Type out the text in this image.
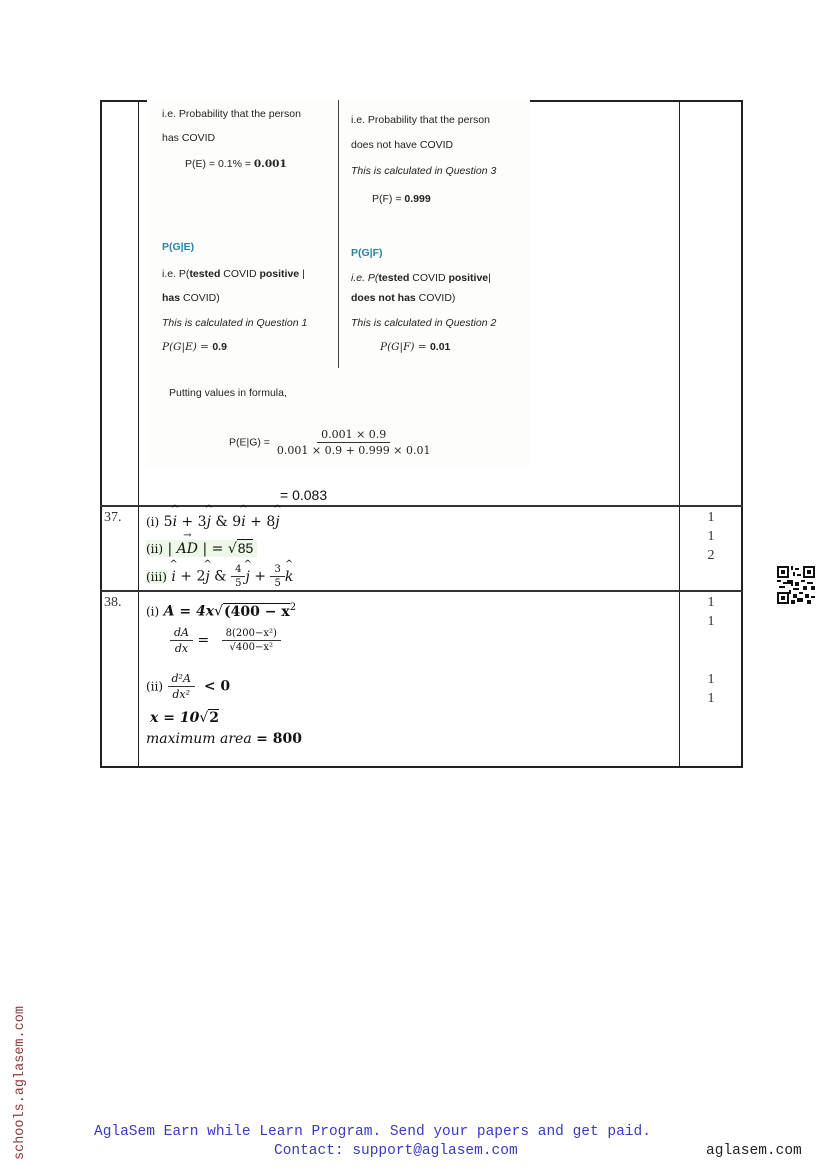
i.e. Probability that the person
has COVID
P(E) = 0.1% = 0.001
i.e. Probability that the person
does not have COVID
This is calculated in Question 3
P(F) = 0.999
P(G|E)
i.e. P(tested COVID positive |
has COVID)
This is calculated in Question 1
P(G|E) = 0.9
P(G|F)
i.e. P(tested COVID positive|
does not has COVID)
This is calculated in Question 2
P(G|F) = 0.01
Putting values in formula,
$P(E|G) = \frac{0.001 \times 0.9}{0.001 \times 0.9 + 0.999 \times 0.01}$
= 0.083
37. (i) 5^ i + 3^ j & 9^ i + 8^ j
(ii) | → AD | = √85
(iii) ^ i + 2^ j & $\frac{4}{5}$ ^ $j + \frac{3}{5}$ ^ k
1
1
2
38.
(i) $A = 4x√(400 - x^2$
$\frac{dA}{dx} = \frac{\text{8(200−x²)}}{\text{√400−x²}}$
$(ii) \frac{\text{d²A}}{\text{dx²}} < 0$
x = 10√2
maximum area = 800
1
1
1
1
schools.aglasem.com	AglaSem Earn while Learn Program. Send your papers and get paid.
Contact: support@aglasem.com	aglasem.com
